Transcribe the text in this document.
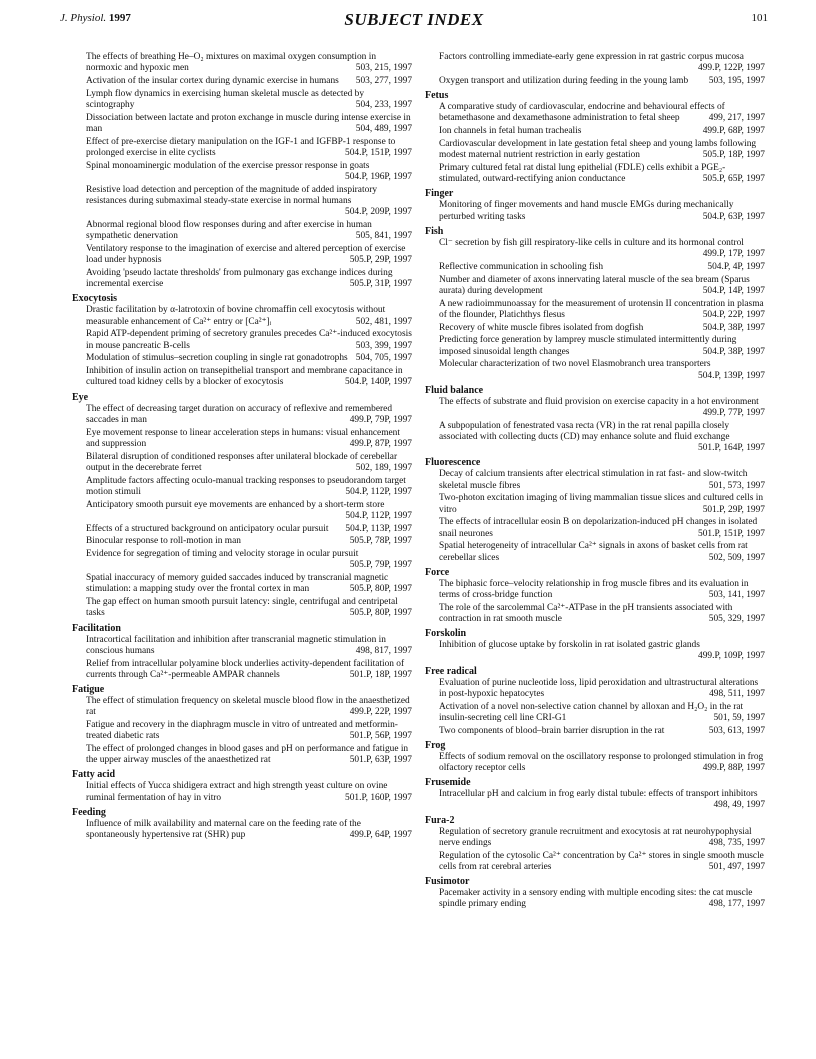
J. Physiol. 1997	SUBJECT INDEX	101
The effects of breathing He–O₂ mixtures on maximal oxygen consumption in normoxic and hypoxic men	503, 215, 1997
Activation of the insular cortex during dynamic exercise in humans	503, 277, 1997
Lymph flow dynamics in exercising human skeletal muscle as detected by scintography	504, 233, 1997
Dissociation between lactate and proton exchange in muscle during intense exercise in man	504, 489, 1997
Effect of pre-exercise dietary manipulation on the IGF-1 and IGFBP-1 response to prolonged exercise in elite cyclists	504.P, 151P, 1997
Spinal monoaminergic modulation of the exercise pressor response in goats
504.P, 196P, 1997
Resistive load detection and perception of the magnitude of added inspiratory resistances during submaximal steady-state exercise in normal humans
504.P, 209P, 1997
Abnormal regional blood flow responses during and after exercise in human sympathetic denervation	505, 841, 1997
Ventilatory response to the imagination of exercise and altered perception of exercise load under hypnosis	505.P, 29P, 1997
Avoiding 'pseudo lactate thresholds' from pulmonary gas exchange indices during incremental exercise	505.P, 31P, 1997
Exocytosis
Drastic facilitation by α-latrotoxin of bovine chromaffin cell exocytosis without measurable enhancement of Ca²⁺ entry or [Ca²⁺]ᵢ	502, 481, 1997
Rapid ATP-dependent priming of secretory granules precedes Ca²⁺-induced exocytosis in mouse pancreatic B-cells	503, 399, 1997
Modulation of stimulus–secretion coupling in single rat gonadotrophs 504, 705, 1997
Inhibition of insulin action on transepithelial transport and membrane capacitance in cultured toad kidney cells by a blocker of exocytosis	504.P, 140P, 1997
Eye
The effect of decreasing target duration on accuracy of reflexive and remembered saccades in man	499.P, 79P, 1997
Eye movement response to linear acceleration steps in humans: visual enhancement and suppression	499.P, 87P, 1997
Bilateral disruption of conditioned responses after unilateral blockade of cerebellar output in the decerebrate ferret	502, 189, 1997
Amplitude factors affecting oculo-manual tracking responses to pseudorandom target motion stimuli	504.P, 112P, 1997
Anticipatory smooth pursuit eye movements are enhanced by a short-term store
504.P, 112P, 1997
Effects of a structured background on anticipatory ocular pursuit	504.P, 113P, 1997
Binocular response to roll-motion in man	505.P, 78P, 1997
Evidence for segregation of timing and velocity storage in ocular pursuit
505.P, 79P, 1997
Spatial inaccuracy of memory guided saccades induced by transcranial magnetic stimulation: a mapping study over the frontal cortex in man	505.P, 80P, 1997
The gap effect on human smooth pursuit latency: single, centrifugal and centripetal tasks	505.P, 80P, 1997
Facilitation
Intracortical facilitation and inhibition after transcranial magnetic stimulation in conscious humans	498, 817, 1997
Relief from intracellular polyamine block underlies activity-dependent facilitation of currents through Ca²⁺-permeable AMPAR channels	501.P, 18P, 1997
Fatigue
The effect of stimulation frequency on skeletal muscle blood flow in the anaesthetized rat	499.P, 22P, 1997
Fatigue and recovery in the diaphragm muscle in vitro of untreated and metformin-treated diabetic rats	501.P, 56P, 1997
The effect of prolonged changes in blood gases and pH on performance and fatigue in the upper airway muscles of the anaesthetized rat	501.P, 63P, 1997
Fatty acid
Initial effects of Yucca shidigera extract and high strength yeast culture on ovine ruminal fermentation of hay in vitro	501.P, 160P, 1997
Feeding
Influence of milk availability and maternal care on the feeding rate of the spontaneously hypertensive rat (SHR) pup	499.P, 64P, 1997
Factors controlling immediate-early gene expression in rat gastric corpus mucosa
499.P, 122P, 1997
Oxygen transport and utilization during feeding in the young lamb	503, 195, 1997
Fetus
A comparative study of cardiovascular, endocrine and behavioural effects of betamethasone and dexamethasone administration to fetal sheep	499, 217, 1997
Ion channels in fetal human trachealis	499.P, 68P, 1997
Cardiovascular development in late gestation fetal sheep and young lambs following modest maternal nutrient restriction in early gestation	505.P, 18P, 1997
Primary cultured fetal rat distal lung epithelial (FDLE) cells exhibit a PGE₂-stimulated, outward-rectifying anion conductance	505.P, 65P, 1997
Finger
Monitoring of finger movements and hand muscle EMGs during mechanically perturbed writing tasks	504.P, 63P, 1997
Fish
Cl⁻ secretion by fish gill respiratory-like cells in culture and its hormonal control
499.P, 17P, 1997
Reflective communication in schooling fish	504.P, 4P, 1997
Number and diameter of axons innervating lateral muscle of the sea bream (Sparus aurata) during development	504.P, 14P, 1997
A new radioimmunoassay for the measurement of urotensin II concentration in plasma of the flounder, Platichthys flesus	504.P, 22P, 1997
Recovery of white muscle fibres isolated from dogfish	504.P, 38P, 1997
Predicting force generation by lamprey muscle stimulated intermittently during imposed sinusoidal length changes	504.P, 38P, 1997
Molecular characterization of two novel Elasmobranch urea transporters
504.P, 139P, 1997
Fluid balance
The effects of substrate and fluid provision on exercise capacity in a hot environment
499.P, 77P, 1997
A subpopulation of fenestrated vasa recta (VR) in the rat renal papilla closely associated with collecting ducts (CD) may enhance solute and fluid exchange
501.P, 164P, 1997
Fluorescence
Decay of calcium transients after electrical stimulation in rat fast- and slow-twitch skeletal muscle fibres	501, 573, 1997
Two-photon excitation imaging of living mammalian tissue slices and cultured cells in vitro	501.P, 29P, 1997
The effects of intracellular eosin B on depolarization-induced pH changes in isolated snail neurones	501.P, 151P, 1997
Spatial heterogeneity of intracellular Ca²⁺ signals in axons of basket cells from rat cerebellar slices	502, 509, 1997
Force
The biphasic force–velocity relationship in frog muscle fibres and its evaluation in terms of cross-bridge function	503, 141, 1997
The role of the sarcolemmal Ca²⁺-ATPase in the pH transients associated with contraction in rat smooth muscle	505, 329, 1997
Forskolin
Inhibition of glucose uptake by forskolin in rat isolated gastric glands
499.P, 109P, 1997
Free radical
Evaluation of purine nucleotide loss, lipid peroxidation and ultrastructural alterations in post-hypoxic hepatocytes	498, 511, 1997
Activation of a novel non-selective cation channel by alloxan and H₂O₂ in the rat insulin-secreting cell line CRI-G1	501, 59, 1997
Two components of blood–brain barrier disruption in the rat	503, 613, 1997
Frog
Effects of sodium removal on the oscillatory response to prolonged stimulation in frog olfactory receptor cells	499.P, 88P, 1997
Frusemide
Intracellular pH and calcium in frog early distal tubule: effects of transport inhibitors
498, 49, 1997
Fura-2
Regulation of secretory granule recruitment and exocytosis at rat neurohypophysial nerve endings	498, 735, 1997
Regulation of the cytosolic Ca²⁺ concentration by Ca²⁺ stores in single smooth muscle cells from rat cerebral arteries	501, 497, 1997
Fusimotor
Pacemaker activity in a sensory ending with multiple encoding sites: the cat muscle spindle primary ending	498, 177, 1997
